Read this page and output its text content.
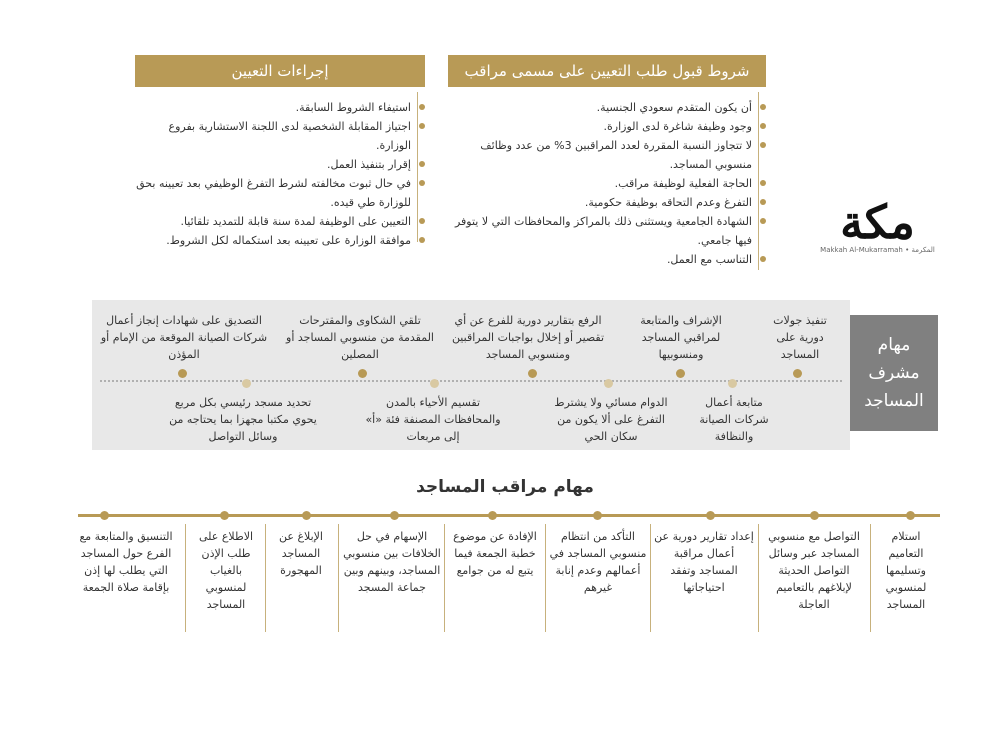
مكة
Makkah Al-Mukarramah • المكرمة
شروط قبول طلب التعيين على مسمى مراقب
أن يكون المتقدم سعودي الجنسية.
وجود وظيفة شاغرة لدى الوزارة.
لا تتجاوز النسبة المقررة لعدد المراقبين 3% من عدد وظائف منسوبي المساجد.
الحاجة الفعلية لوظيفة مراقب.
التفرغ وعدم التحاقه بوظيفة حكومية.
الشهادة الجامعية ويستثنى ذلك بالمراكز والمحافظات التي لا يتوفر فيها جامعي.
التناسب مع العمل.
إجراءات التعيين
استيفاء الشروط السابقة.
اجتياز المقابلة الشخصية لدى اللجنة الاستشارية بفروع الوزارة.
إقرار بتنفيذ العمل.
في حال ثبوت مخالفته لشرط التفرغ الوظيفي بعد تعيينه بحق للوزارة طي قيده.
التعيين على الوظيفة لمدة سنة قابلة للتمديد تلقائيا.
موافقة الوزارة على تعيينه بعد استكماله لكل الشروط.
مهام مشرف المساجد
تنفيذ جولات دورية على المساجد
الإشراف والمتابعة لمراقبي المساجد ومنسوبيها
الرفع بتقارير دورية للفرع عن أي تقصير أو إخلال بواجبات المراقبين ومنسوبي المساجد
تلقي الشكاوى والمقترحات المقدمة من منسوبي المساجد أو المصلين
التصديق على شهادات إنجاز أعمال شركات الصيانة الموقعة من الإمام أو المؤذن
متابعة أعمال شركات الصيانة والنظافة
الدوام مسائي ولا يشترط التفرغ على ألا يكون من سكان الحي
تقسيم الأحياء بالمدن والمحافظات المصنفة فئة «أ» إلى مربعات
تحديد مسجد رئيسي بكل مربع يحوي مكتبا مجهزا بما يحتاجه من وسائل التواصل
مهام مراقب المساجد
استلام التعاميم وتسليمها لمنسوبي المساجد
التواصل مع منسوبي المساجد عبر وسائل التواصل الحديثة لإبلاغهم بالتعاميم العاجلة
إعداد تقارير دورية عن أعمال مراقبة المساجد وتفقد احتياجاتها
التأكد من انتظام منسوبي المساجد في أعمالهم وعدم إنابة غيرهم
الإفادة عن موضوع خطبة الجمعة فيما يتبع له من جوامع
الإسهام في حل الخلافات بين منسوبي المساجد، وبينهم وبين جماعة المسجد
الإبلاغ عن المساجد المهجورة
الاطلاع على طلب الإذن بالغياب لمنسوبي المساجد
التنسيق والمتابعة مع الفرع حول المساجد التي يطلب لها إذن بإقامة صلاة الجمعة
